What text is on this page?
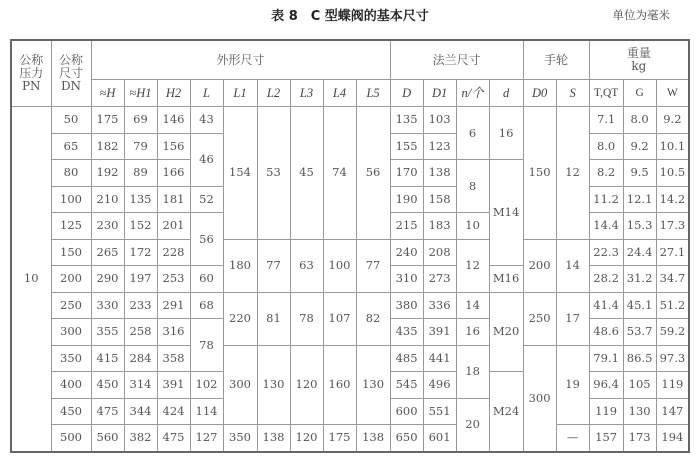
表 8　C 型蝶阀的基本尺寸	单位为毫米
公称
压力
PN	公称
尺寸
DN	外形尺寸									法兰尺寸				手轮		重量
kg		
		≈H	≈H1	H2	L	L1	L2	L3	L4	L5	D	D1	n/个	d	D0	S	T,QT	G	W
10	50	175	69	146	43	154	53	45	74	56	135	103	6	16	150	12	7.1	8.0	9.2
	65	182	79	156	46						155	123					8.0	9.2	10.1
	80	192	89	166							170	138	8	M14			8.2	9.5	10.5
	100	210	135	181	52						190	158					11.2	12.1	14.2
	125	230	152	201	56						215	183	10				14.4	15.3	17.3
	150	265	172	228		180	77	63	100	77	240	208	12		200	14	22.3	24.4	27.1
	200	290	197	253	60						310	273		M16			28.2	31.2	34.7
	250	330	233	291	68	220	81	78	107	82	380	336	14	M20	250	17	41.4	45.1	51.2
	300	355	258	316	78						435	391	16				48.6	53.7	59.2
	350	415	284	358		300	130	120	160	130	485	441	18		300	19	79.1	86.5	97.3
	400	450	314	391	102						545	496		M24			96.4	105	119
	450	475	344	424	114						600	551	20				119	130	147
	500	560	382	475	127	350	138	120	175	138	650	601				—	157	173	194
